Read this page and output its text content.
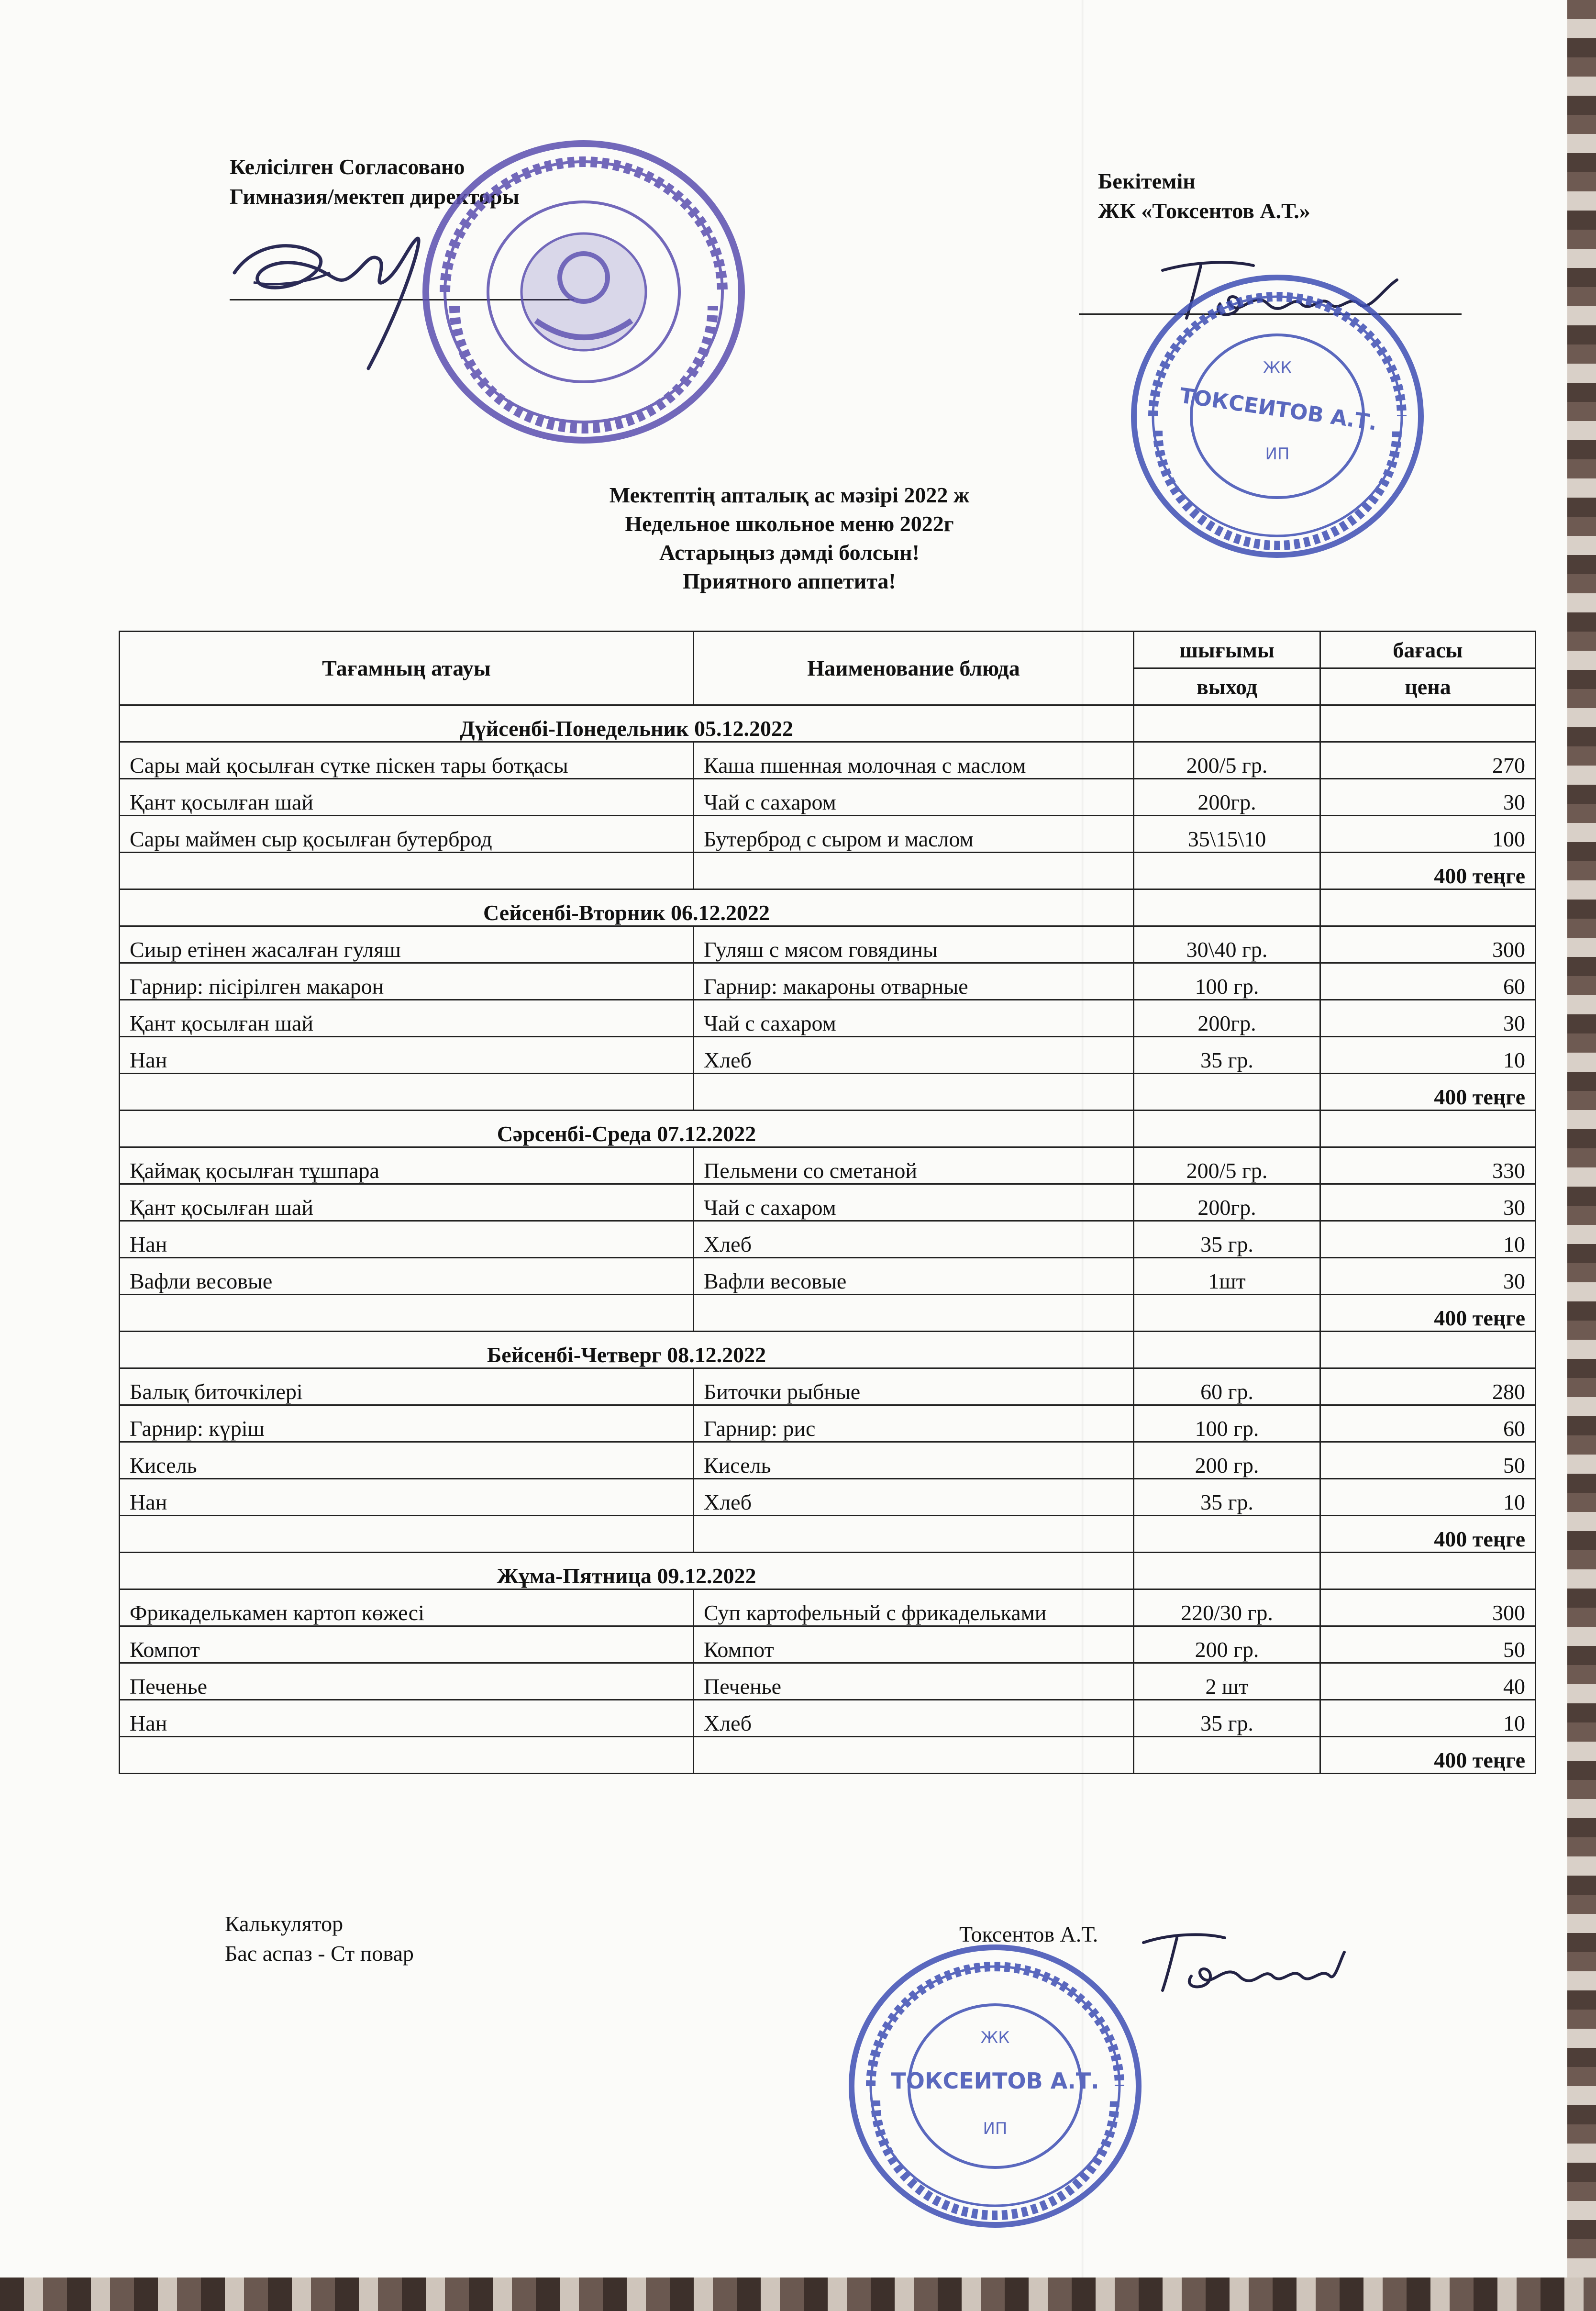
Келісілген Согласовано
Гимназия/мектеп директоры
Бекітемін
ЖК «Токсентов А.Т.»
ЖК
ТОКСЕИТОВ А.Т.
ИП
Мектептің апталық ас мәзірі 2022 ж
Недельное школьное меню 2022г
Астарыңыз дәмді болсын!
Приятного аппетита!
Тағамның атауы	Наименование блюда	шығымы	бағасы
		выход	цена
Дүйсенбі-Понедельник 05.12.2022			
Сары май қосылған сүтке піскен тары ботқасы	Каша пшенная молочная с маслом	200/5 гр.	270
Қант қосылған шай	Чай с сахаром	200гр.	30
Сары маймен сыр қосылған бутерброд	Бутерброд с сыром и маслом	35\15\10	100
			400 теңге
Сейсенбі-Вторник 06.12.2022			
Сиыр етінен жасалған гуляш	Гуляш с мясом говядины	30\40 гр.	300
Гарнир: пісірілген макарон	Гарнир: макароны отварные	100 гр.	60
Қант қосылған шай	Чай с сахаром	200гр.	30
Нан	Хлеб	35 гр.	10
			400 теңге
Сәрсенбі-Среда 07.12.2022			
Қаймақ қосылған тұшпара	Пельмени со сметаной	200/5 гр.	330
Қант қосылған шай	Чай с сахаром	200гр.	30
Нан	Хлеб	35 гр.	10
Вафли весовые	Вафли весовые	1шт	30
			400 теңге
Бейсенбі-Четверг 08.12.2022			
Балық биточкілері	Биточки рыбные	60 гр.	280
Гарнир: күріш	Гарнир: рис	100 гр.	60
Кисель	Кисель	200 гр.	50
Нан	Хлеб	35 гр.	10
			400 теңге
Жұма-Пятница 09.12.2022			
Фрикаделькамен картоп көжесі	Суп картофельный с фрикадельками	220/30 гр.	300
Компот	Компот	200 гр.	50
Печенье	Печенье	2 шт	40
Нан	Хлеб	35 гр.	10
			400 теңге
Калькулятор
Бас аспаз - Ст повар
Токсентов А.Т.
ЖК
ТОКСЕИТОВ А.Т.
ИП
